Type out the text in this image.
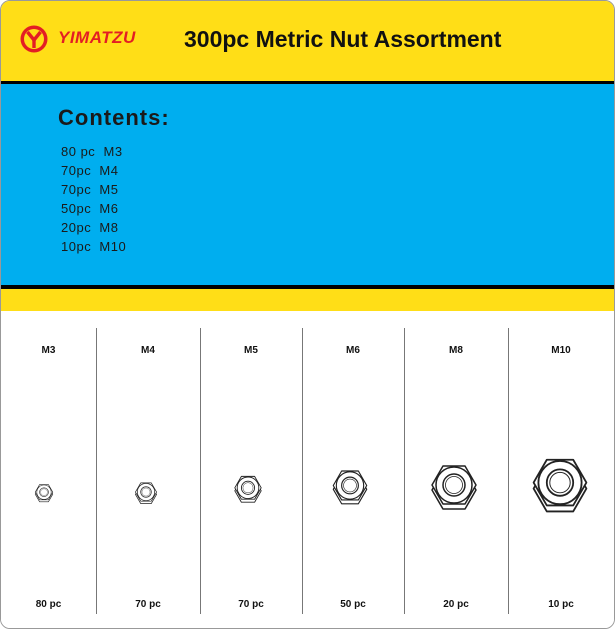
YIMATZU 300pc Metric Nut Assortment
Contents:
80 pc  M3
70pc  M4
70pc  M5
50pc  M6
20pc  M8
10pc  M10
M3
80 pc
M4
70 pc
M5
70 pc
M6
50 pc
M8
20 pc
M10
10 pc
